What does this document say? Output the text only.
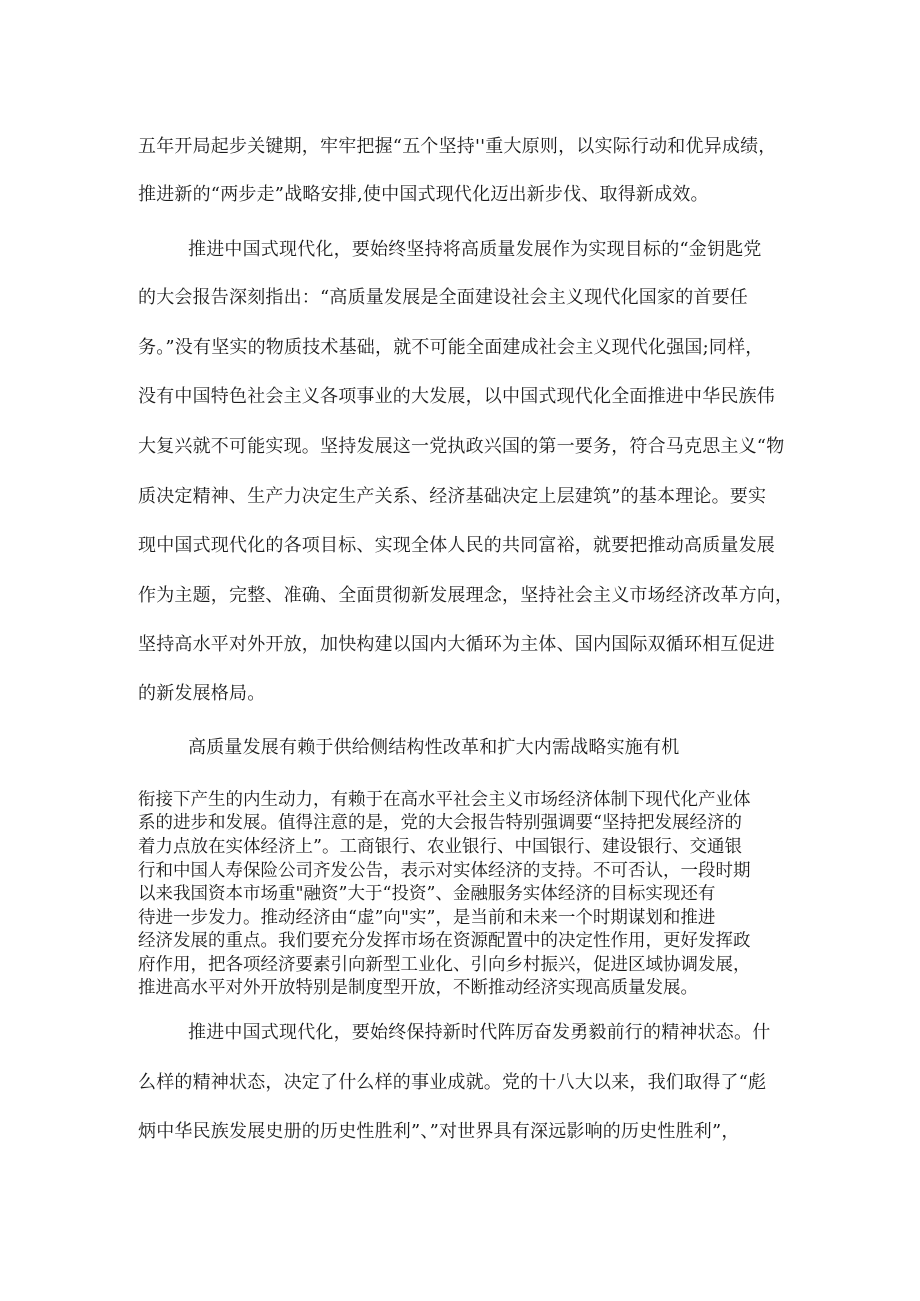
五年开局起步关键期，牢牢把握“五个坚持''重大原则，以实际行动和优异成绩，
推进新的“两步走”战略安排,使中国式现代化迈出新步伐、取得新成效。
推进中国式现代化，要始终坚持将高质量发展作为实现目标的“金钥匙党
的大会报告深刻指出：“高质量发展是全面建设社会主义现代化国家的首要任
务。”没有坚实的物质技术基础，就不可能全面建成社会主义现代化强国;同样，
没有中国特色社会主义各项事业的大发展，以中国式现代化全面推进中华民族伟
大复兴就不可能实现。坚持发展这一党执政兴国的第一要务，符合马克思主义“物
质决定精神、生产力决定生产关系、经济基础决定上层建筑”的基本理论。要实
现中国式现代化的各项目标、实现全体人民的共同富裕，就要把推动高质量发展
作为主题，完整、准确、全面贯彻新发展理念，坚持社会主义市场经济改革方向，
坚持高水平对外开放，加快构建以国内大循环为主体、国内国际双循环相互促进
的新发展格局。
高质量发展有赖于供给侧结构性改革和扩大内需战略实施有机
衔接下产生的内生动力，有赖于在高水平社会主义市场经济体制下现代化产业体
系的进步和发展。值得注意的是，党的大会报告特别强调要“坚持把发展经济的
着力点放在实体经济上”。工商银行、农业银行、中国银行、建设银行、交通银
行和中国人寿保险公司齐发公告，表示对实体经济的支持。不可否认，一段时期
以来我国资本市场重"融资”大于“投资”、金融服务实体经济的目标实现还有
待进一步发力。推动经济由“虚”向"实”，是当前和未来一个时期谋划和推进
经济发展的重点。我们要充分发挥市场在资源配置中的决定性作用，更好发挥政
府作用，把各项经济要素引向新型工业化、引向乡村振兴，促进区域协调发展，
推进高水平对外开放特别是制度型开放，不断推动经济实现高质量发展。
推进中国式现代化，要始终保持新时代阵厉奋发勇毅前行的精神状态。什
么样的精神状态，决定了什么样的事业成就。党的十八大以来，我们取得了“彪
炳中华民族发展史册的历史性胜利”、”对世界具有深远影响的历史性胜利”，
